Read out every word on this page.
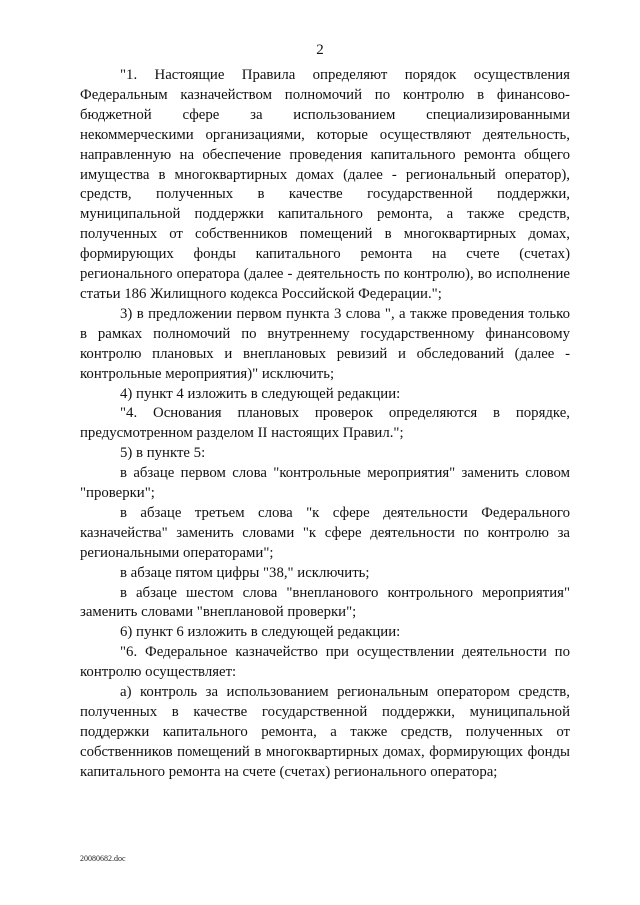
2

"1. Настоящие Правила определяют порядок осуществления Федеральным казначейством полномочий по контролю в финансово-бюджетной сфере за использованием специализированными некоммерческими организациями, которые осуществляют деятельность, направленную на обеспечение проведения капитального ремонта общего имущества в многоквартирных домах (далее - региональный оператор), средств, полученных в качестве государственной поддержки, муниципальной поддержки капитального ремонта, а также средств, полученных от собственников помещений в многоквартирных домах, формирующих фонды капитального ремонта на счете (счетах) регионального оператора (далее - деятельность по контролю), во исполнение статьи 186 Жилищного кодекса Российской Федерации.";

3) в предложении первом пункта 3 слова ", а также проведения только в рамках полномочий по внутреннему государственному финансовому контролю плановых и внеплановых ревизий и обследований (далее - контрольные мероприятия)" исключить;

4) пункт 4 изложить в следующей редакции:

"4. Основания плановых проверок определяются в порядке, предусмотренном разделом II настоящих Правил.";

5) в пункте 5:

в абзаце первом слова "контрольные мероприятия" заменить словом "проверки";

в абзаце третьем слова "к сфере деятельности Федерального казначейства" заменить словами "к сфере деятельности по контролю за региональными операторами";

в абзаце пятом цифры "38," исключить;

в абзаце шестом слова "внепланового контрольного мероприятия" заменить словами "внеплановой проверки";

6) пункт 6 изложить в следующей редакции:

"6. Федеральное казначейство при осуществлении деятельности по контролю осуществляет:

а) контроль за использованием региональным оператором средств, полученных в качестве государственной поддержки, муниципальной поддержки капитального ремонта, а также средств, полученных от собственников помещений в многоквартирных домах, формирующих фонды капитального ремонта на счете (счетах) регионального оператора;

20080682.doc
